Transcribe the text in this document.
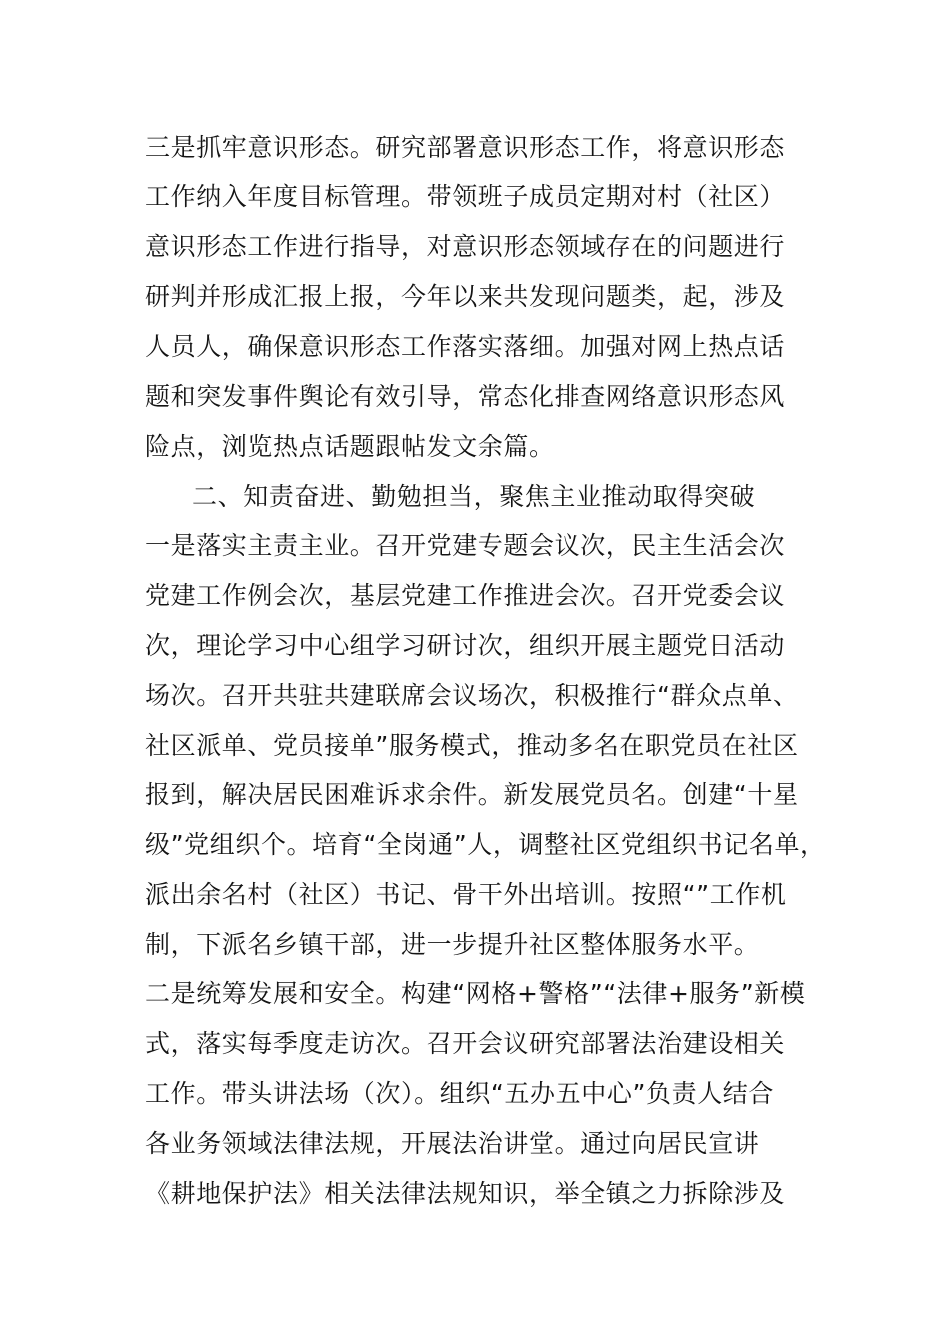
三是抓牢意识形态。研究部署意识形态工作，将意识形态
工作纳入年度目标管理。带领班子成员定期对村（社区）
意识形态工作进行指导，对意识形态领域存在的问题进行
研判并形成汇报上报，今年以来共发现问题类，起，涉及
人员人，确保意识形态工作落实落细。加强对网上热点话
题和突发事件舆论有效引导，常态化排查网络意识形态风
险点，浏览热点话题跟帖发文余篇。
二、知责奋进、勤勉担当，聚焦主业推动取得突破
一是落实主责主业。召开党建专题会议次，民主生活会次
党建工作例会次，基层党建工作推进会次。召开党委会议
次，理论学习中心组学习研讨次，组织开展主题党日活动
场次。召开共驻共建联席会议场次，积极推行“群众点单、
社区派单、党员接单”服务模式，推动多名在职党员在社区
报到，解决居民困难诉求余件。新发展党员名。创建“十星
级”党组织个。培育“全岗通”人，调整社区党组织书记名单，
派出余名村（社区）书记、骨干外出培训。按照“”工作机
制，下派名乡镇干部，进一步提升社区整体服务水平。
二是统筹发展和安全。构建“网格+警格”“法律+服务”新模
式，落实每季度走访次。召开会议研究部署法治建设相关
工作。带头讲法场（次）。组织“五办五中心”负责人结合
各业务领域法律法规，开展法治讲堂。通过向居民宣讲
《耕地保护法》相关法律法规知识，举全镇之力拆除涉及
